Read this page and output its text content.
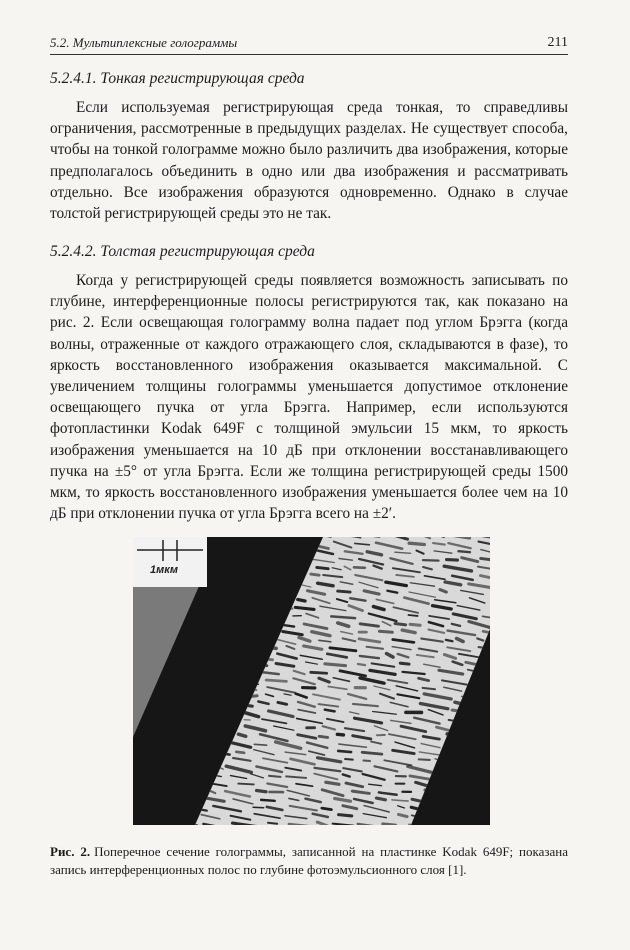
5.2. Мультиплексные голограммы	211
5.2.4.1. Тонкая регистрирующая среда

Если используемая регистрирующая среда тонкая, то справедливы ограничения, рассмотренные в предыдущих разделах. Не существует способа, чтобы на тонкой голограмме можно было различить два изображения, которые предполагалось объединить в одно или два изображения и рассматривать отдельно. Все изображения образуются одновременно. Однако в случае толстой регистрирующей среды это не так.

5.2.4.2. Толстая регистрирующая среда

Когда у регистрирующей среды появляется возможность записывать по глубине, интерференционные полосы регистрируются так, как показано на рис. 2. Если освещающая голограмму волна падает под углом Брэгга (когда волны, отраженные от каждого отражающего слоя, складываются в фазе), то яркость восстановленного изображения оказывается максимальной. С увеличением толщины голограммы уменьшается допустимое отклонение освещающего пучка от угла Брэгга. Например, если используются фотопластинки Kodak 649F с толщиной эмульсии 15 мкм, то яркость изображения уменьшается на 10 дБ при отклонении восстанавливающего пучка на ±5° от угла Брэгга. Если же толщина регистрирующей среды 1500 мкм, то яркость восстановленного изображения уменьшается более чем на 10 дБ при отклонении пучка от угла Брэгга всего на ±2′.

1мкм
Рис. 2. Поперечное сечение голограммы, записанной на пластинке Kodak 649F; показана запись интерференционных полос по глубине фотоэмульсионного слоя [1].
